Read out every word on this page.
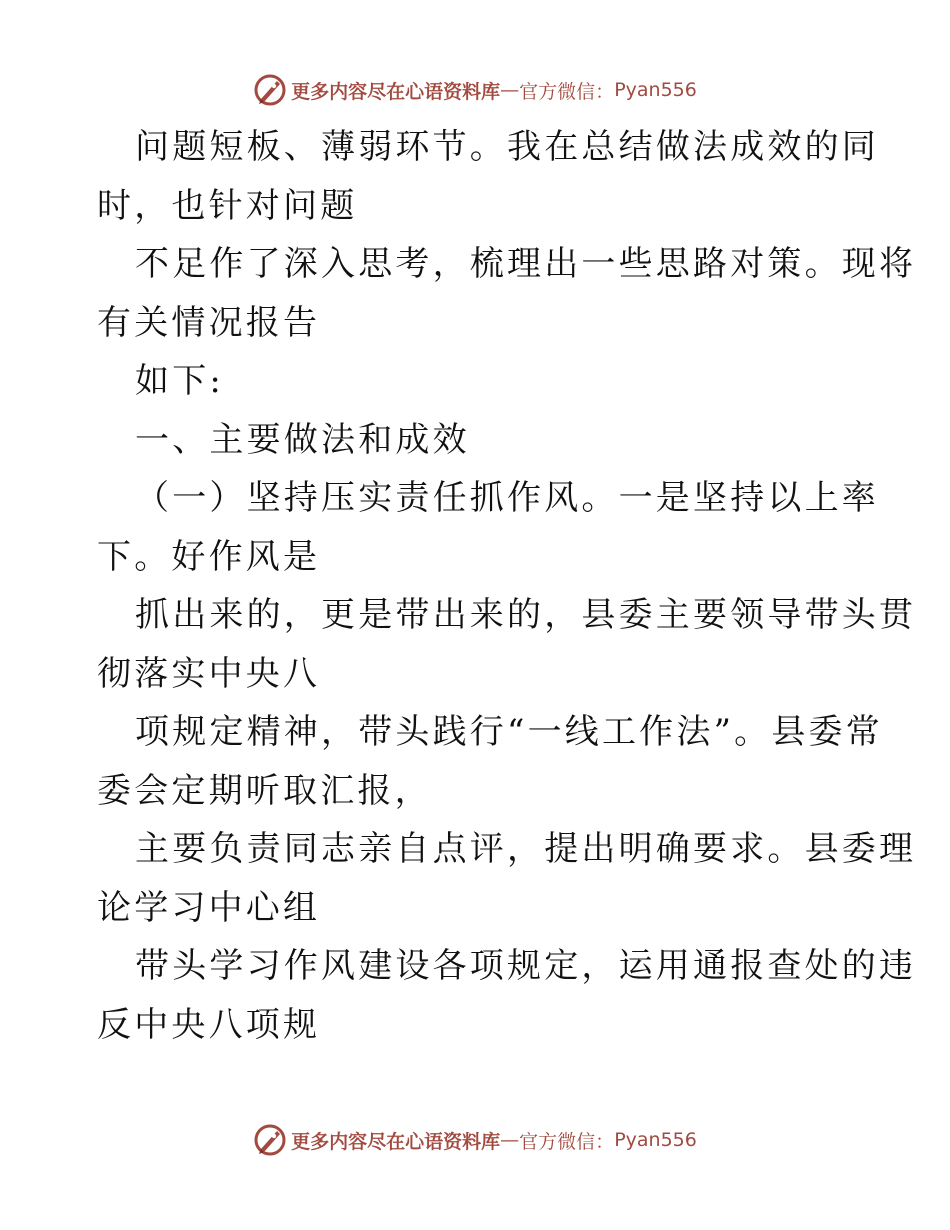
更多内容尽在心语资料库 — 官方微信： Pyan556
问题短板、薄弱环节。我在总结做法成效的同
时，也针对问题
不足作了深入思考，梳理出一些思路对策。现将
有关情况报告
如下:
一、主要做法和成效
（一）坚持压实责任抓作风。一是坚持以上率
下。好作风是
抓出来的，更是带出来的，县委主要领导带头贯
彻落实中央八
项规定精神，带头践行“一线工作法”。县委常
委会定期听取汇报，
主要负责同志亲自点评，提出明确要求。县委理
论学习中心组
带头学习作风建设各项规定，运用通报查处的违
反中央八项规
更多内容尽在心语资料库 — 官方微信： Pyan556
